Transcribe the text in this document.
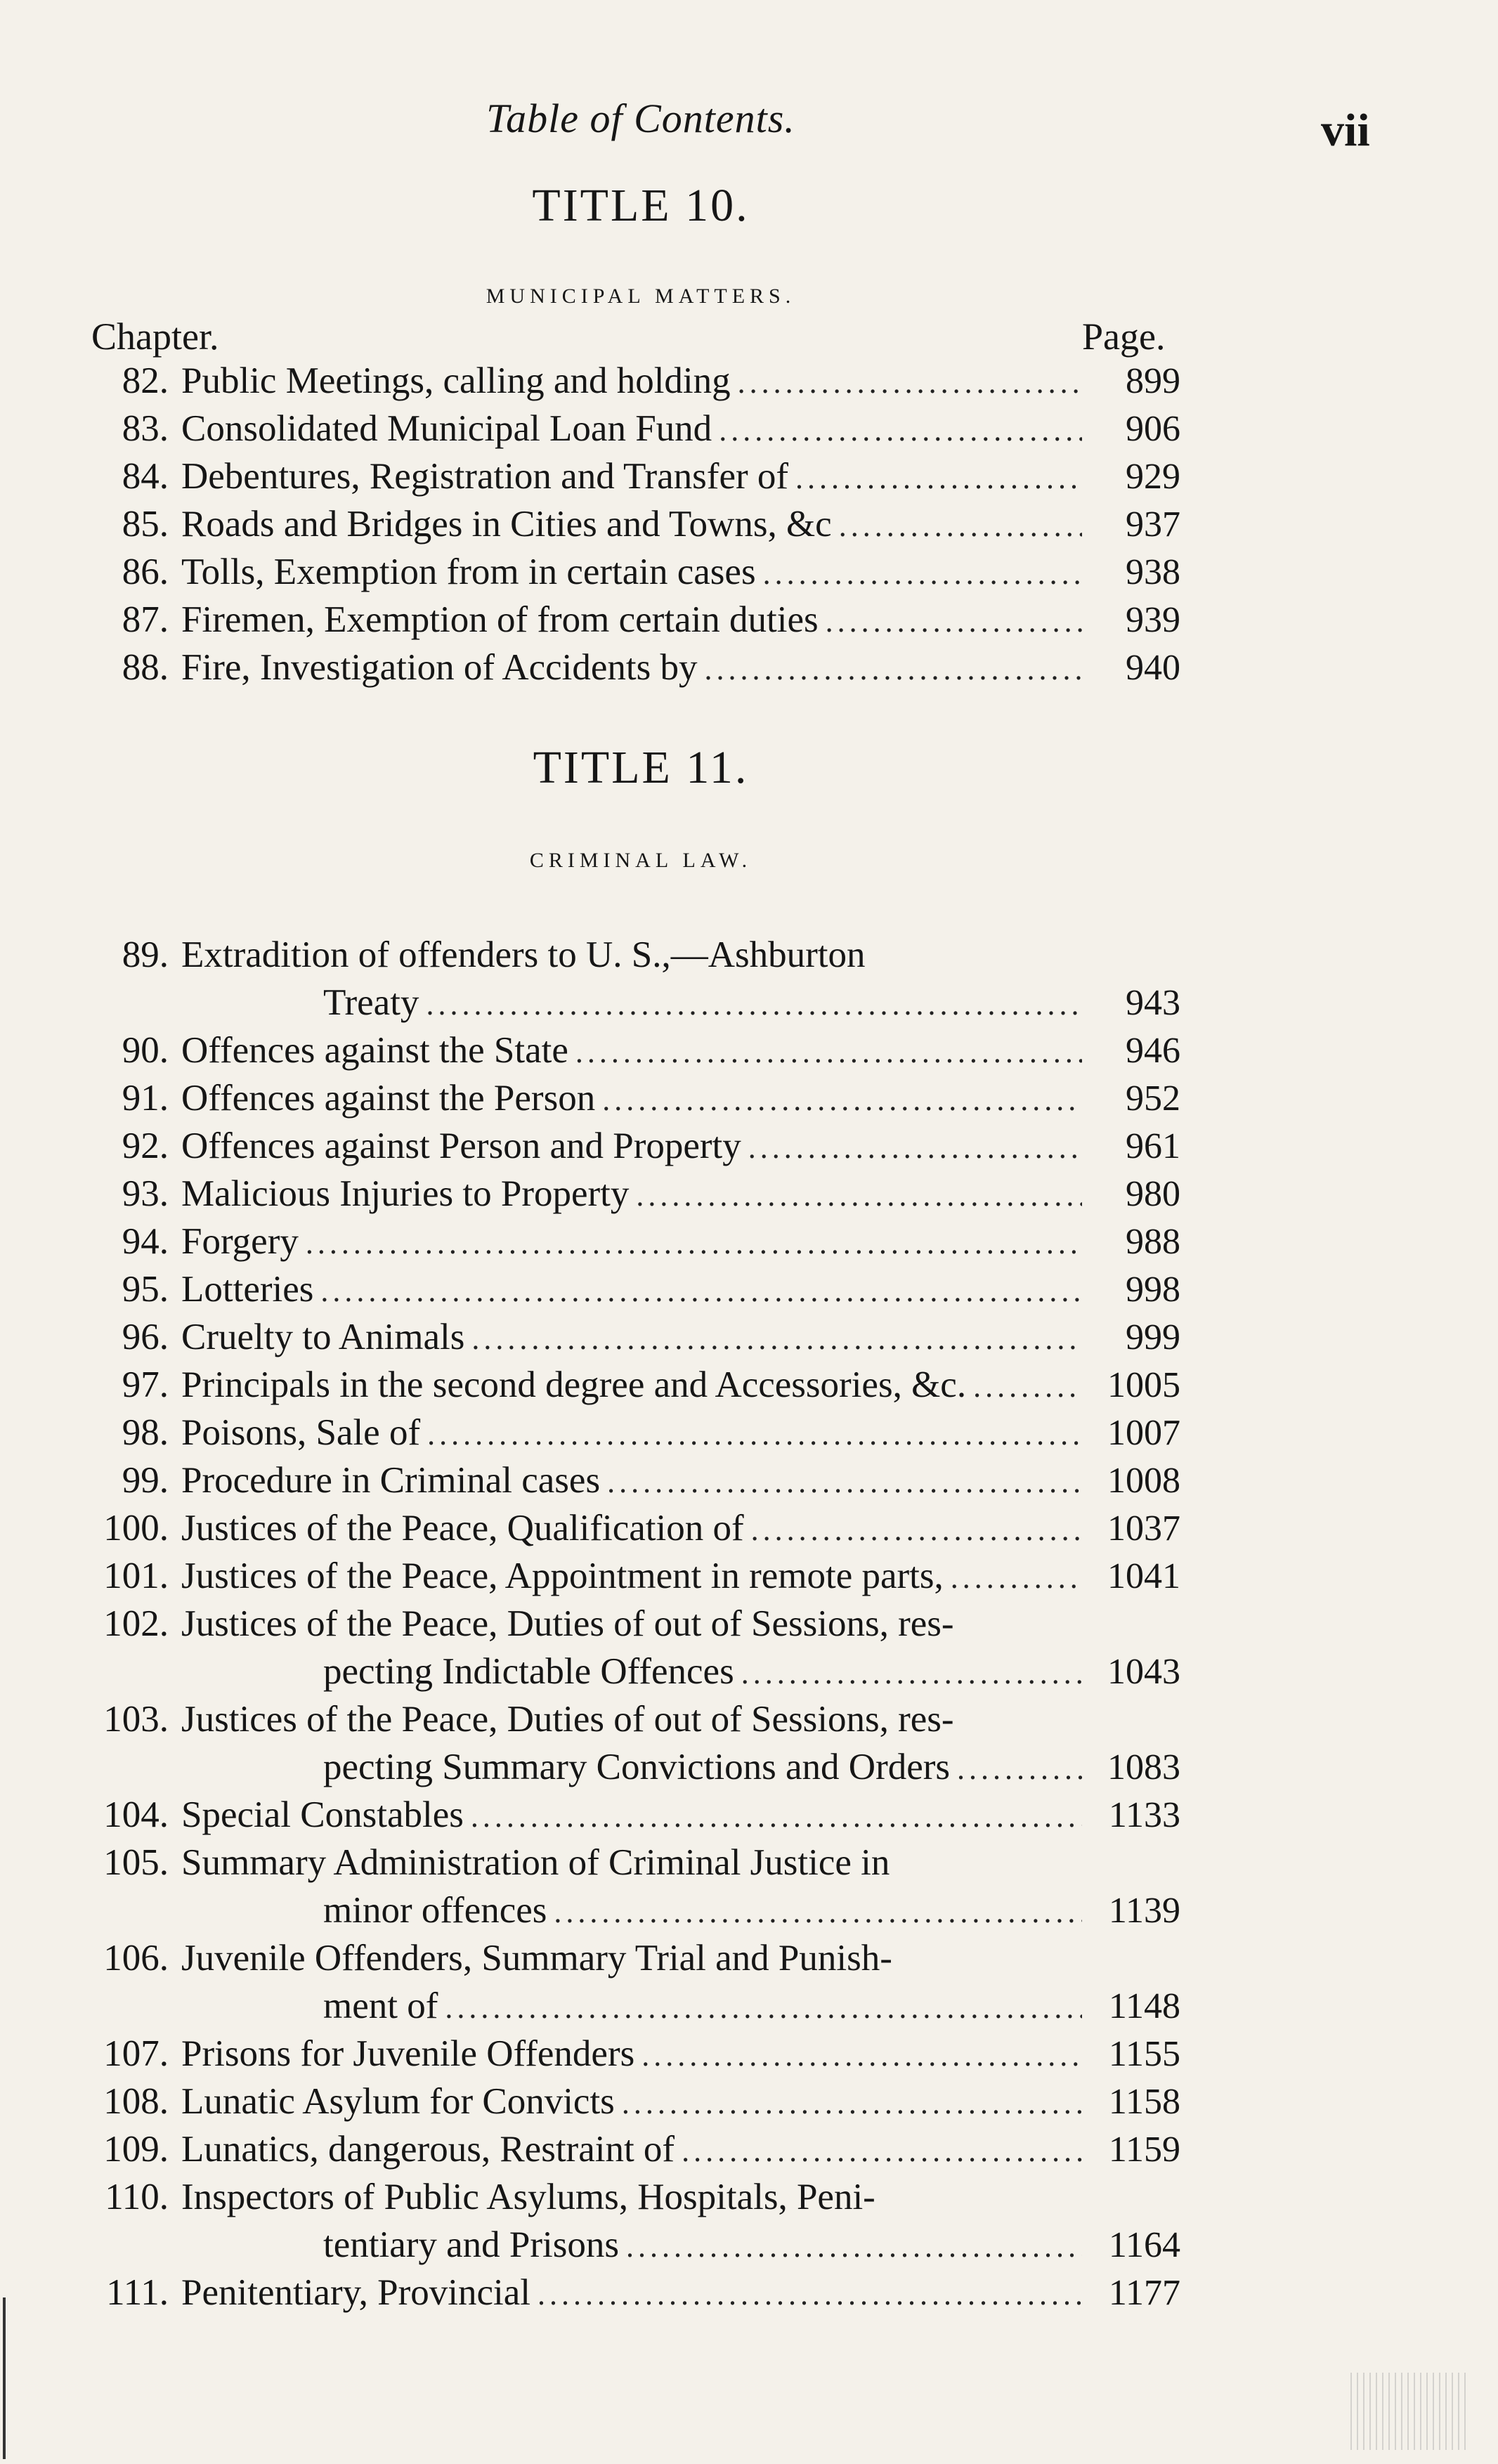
Table of Contents.	vii
TITLE 10.
MUNICIPAL MATTERS.
Chapter.	Page.
82. Public Meetings, calling and holding .....	899
83. Consolidated Municipal Loan Fund .....	906
84. Debentures, Registration and Transfer of .....	929
85. Roads and Bridges in Cities and Towns, &c .....	937
86. Tolls, Exemption from in certain cases .....	938
87. Firemen, Exemption of from certain duties .....	939
88. Fire, Investigation of Accidents by .....	940
TITLE 11.
CRIMINAL LAW.
89. Extradition of offenders to U. S.,—Ashburton
Treaty .....	943
90. Offences against the State .....	946
91. Offences against the Person .....	952
92. Offences against Person and Property .....	961
93. Malicious Injuries to Property .....	980
94. Forgery .....	988
95. Lotteries .....	998
96. Cruelty to Animals .....	999
97. Principals in the second degree and Accessories, &c. .....	1005
98. Poisons, Sale of .....	1007
99. Procedure in Criminal cases .....	1008
100. Justices of the Peace, Qualification of .....	1037
101. Justices of the Peace, Appointment in remote parts, .....	1041
102. Justices of the Peace, Duties of out of Sessions, res-
pecting Indictable Offences .....	1043
103. Justices of the Peace, Duties of out of Sessions, res-
pecting Summary Convictions and Orders .....	1083
104. Special Constables .....	1133
105. Summary Administration of Criminal Justice in
minor offences .....	1139
106. Juvenile Offenders, Summary Trial and Punish-
ment of .....	1148
107. Prisons for Juvenile Offenders .....	1155
108. Lunatic Asylum for Convicts .....	1158
109. Lunatics, dangerous, Restraint of .....	1159
110. Inspectors of Public Asylums, Hospitals, Peni-
tentiary and Prisons .....	1164
111. Penitentiary, Provincial .....	1177
